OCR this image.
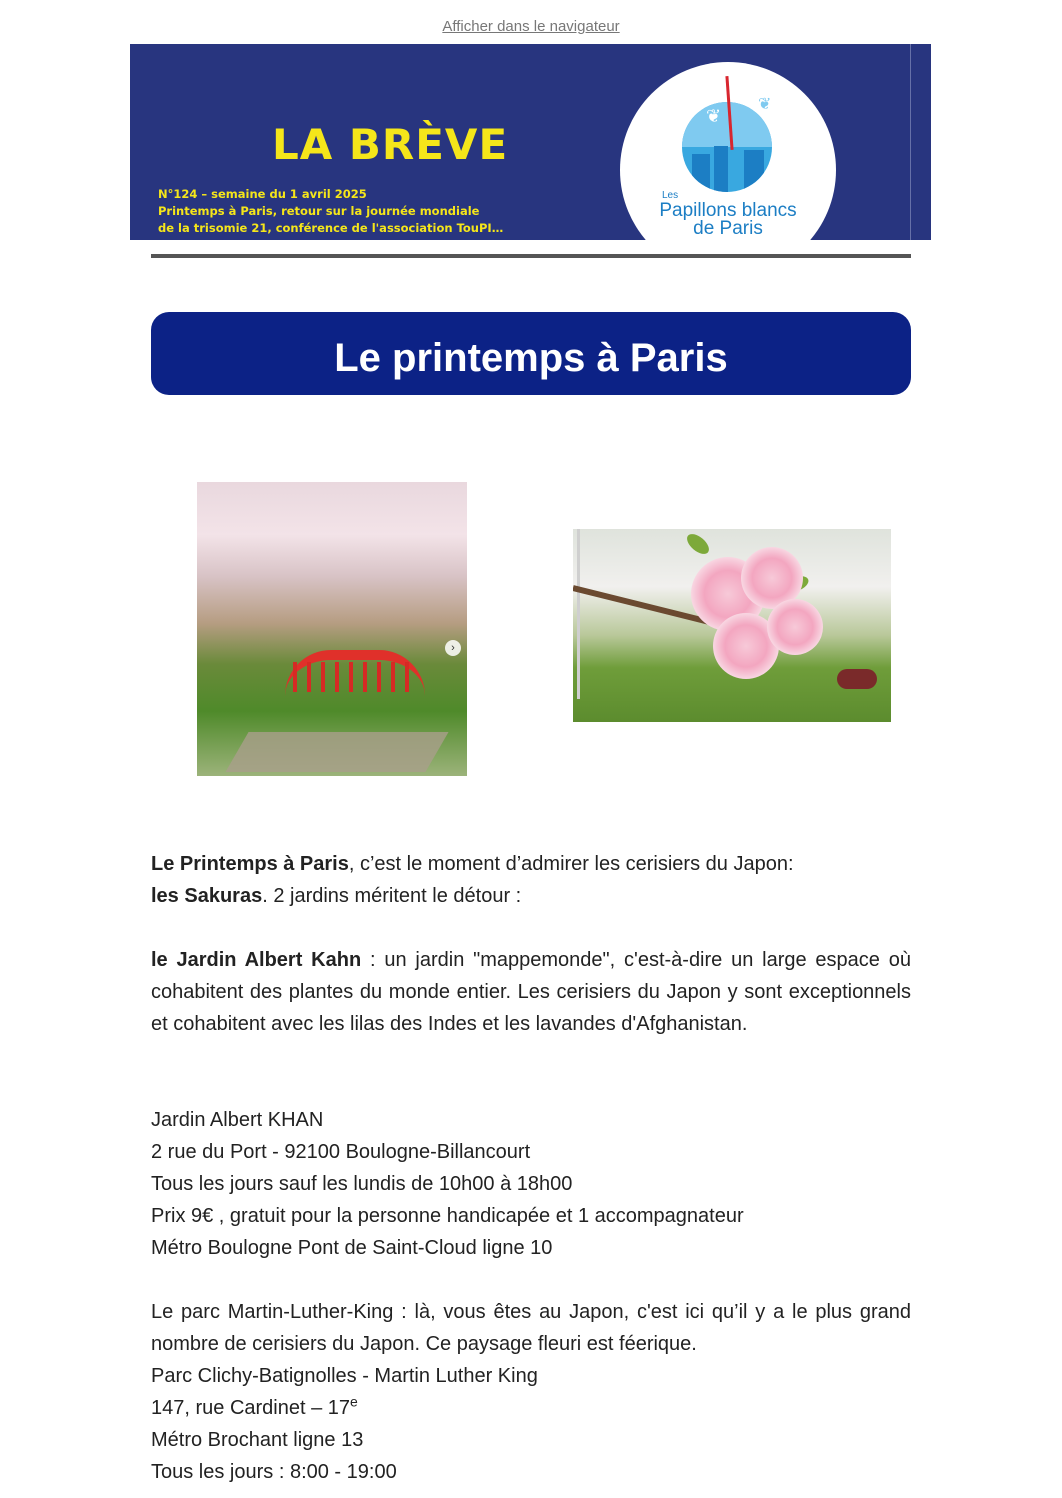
Afficher dans le navigateur
LA BRÈVE
N°124 – semaine du 1 avril 2025
Printemps à Paris, retour sur la journée mondiale
de la trisomie 21, conférence de l'association TouPI…
❦
❦
Les
Papillons blancs
de Paris
Le printemps à Paris
›

Le Printemps à Paris, c’est le moment d’admirer les cerisiers du Japon:

les Sakuras. 2 jardins méritent le détour :

le Jardin Albert Kahn : un jardin "mappemonde", c'est-à-dire un large espace où cohabitent des plantes du monde entier. Les cerisiers du Japon y sont exceptionnels et cohabitent avec les lilas des Indes et les lavandes d'Afghanistan.

Jardin Albert KHAN

2 rue du Port - 92100 Boulogne-Billancourt

Tous les jours sauf les lundis de 10h00 à 18h00

Prix 9€ , gratuit pour la personne handicapée et 1 accompagnateur

Métro Boulogne Pont de Saint-Cloud ligne 10

Le parc Martin-Luther-King : là, vous êtes au Japon, c'est ici qu’il y a le plus grand nombre de cerisiers du Japon. Ce paysage fleuri est féerique.

Parc Clichy-Batignolles - Martin Luther King

147, rue Cardinet – 17e

Métro Brochant ligne 13

Tous les jours : 8:00 - 19:00
